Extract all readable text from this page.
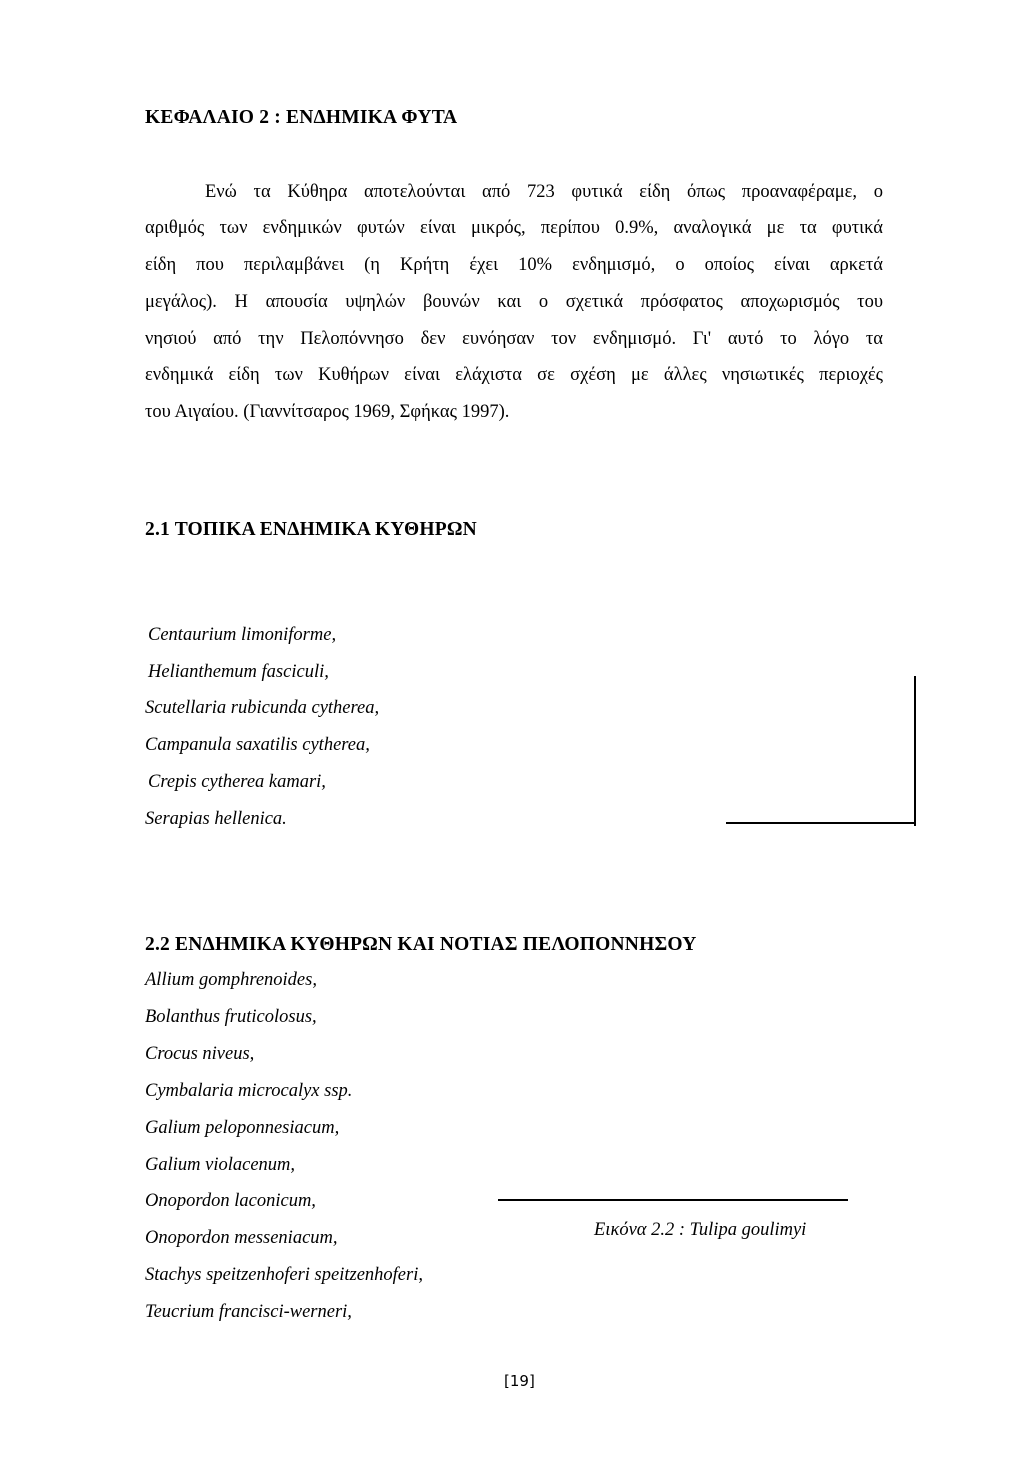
ΚΕΦΑΛΑΙΟ 2 : ΕΝΔΗΜΙΚΑ ΦΥΤΑ
Ενώ τα Κύθηρα αποτελούνται από 723 φυτικά είδη όπως προαναφέραμε, ο
αριθμός των ενδημικών φυτών είναι μικρός, περίπου 0.9%, αναλογικά με τα φυτικά
είδη που περιλαμβάνει (η Κρήτη έχει 10% ενδημισμό, ο οποίος είναι αρκετά
μεγάλος). Η απουσία υψηλών βουνών και ο σχετικά πρόσφατος αποχωρισμός του
νησιού από την Πελοπόννησο δεν ευνόησαν τον ενδημισμό. Γι' αυτό το λόγο τα
ενδημικά είδη των Κυθήρων είναι ελάχιστα σε σχέση με άλλες νησιωτικές περιοχές
του Αιγαίου. (Γιαννίτσαρος 1969, Σφήκας 1997).
2.1 ΤΟΠΙΚΑ ΕΝΔΗΜΙΚΑ ΚΥΘΗΡΩΝ
Centaurium limoniforme,
Helianthemum fasciculi,
Scutellaria rubicunda cytherea,
Campanula saxatilis cytherea,
Crepis cytherea kamari,
Serapias hellenica.
2.2 ΕΝΔΗΜΙΚΑ ΚΥΘΗΡΩΝ ΚΑΙ ΝΟΤΙΑΣ ΠΕΛΟΠΟΝΝΗΣΟΥ
Allium gomphrenoides,
Bolanthus fruticolosus,
Crocus niveus,
Cymbalaria microcalyx ssp.
Galium peloponnesiacum,
Galium violacenum,
Onopordon laconicum,
Onopordon messeniacum,
Stachys speitzenhoferi speitzenhoferi,
Teucrium francisci-werneri,
Εικόνα 2.2 : Tulipa goulimyi
[19]
